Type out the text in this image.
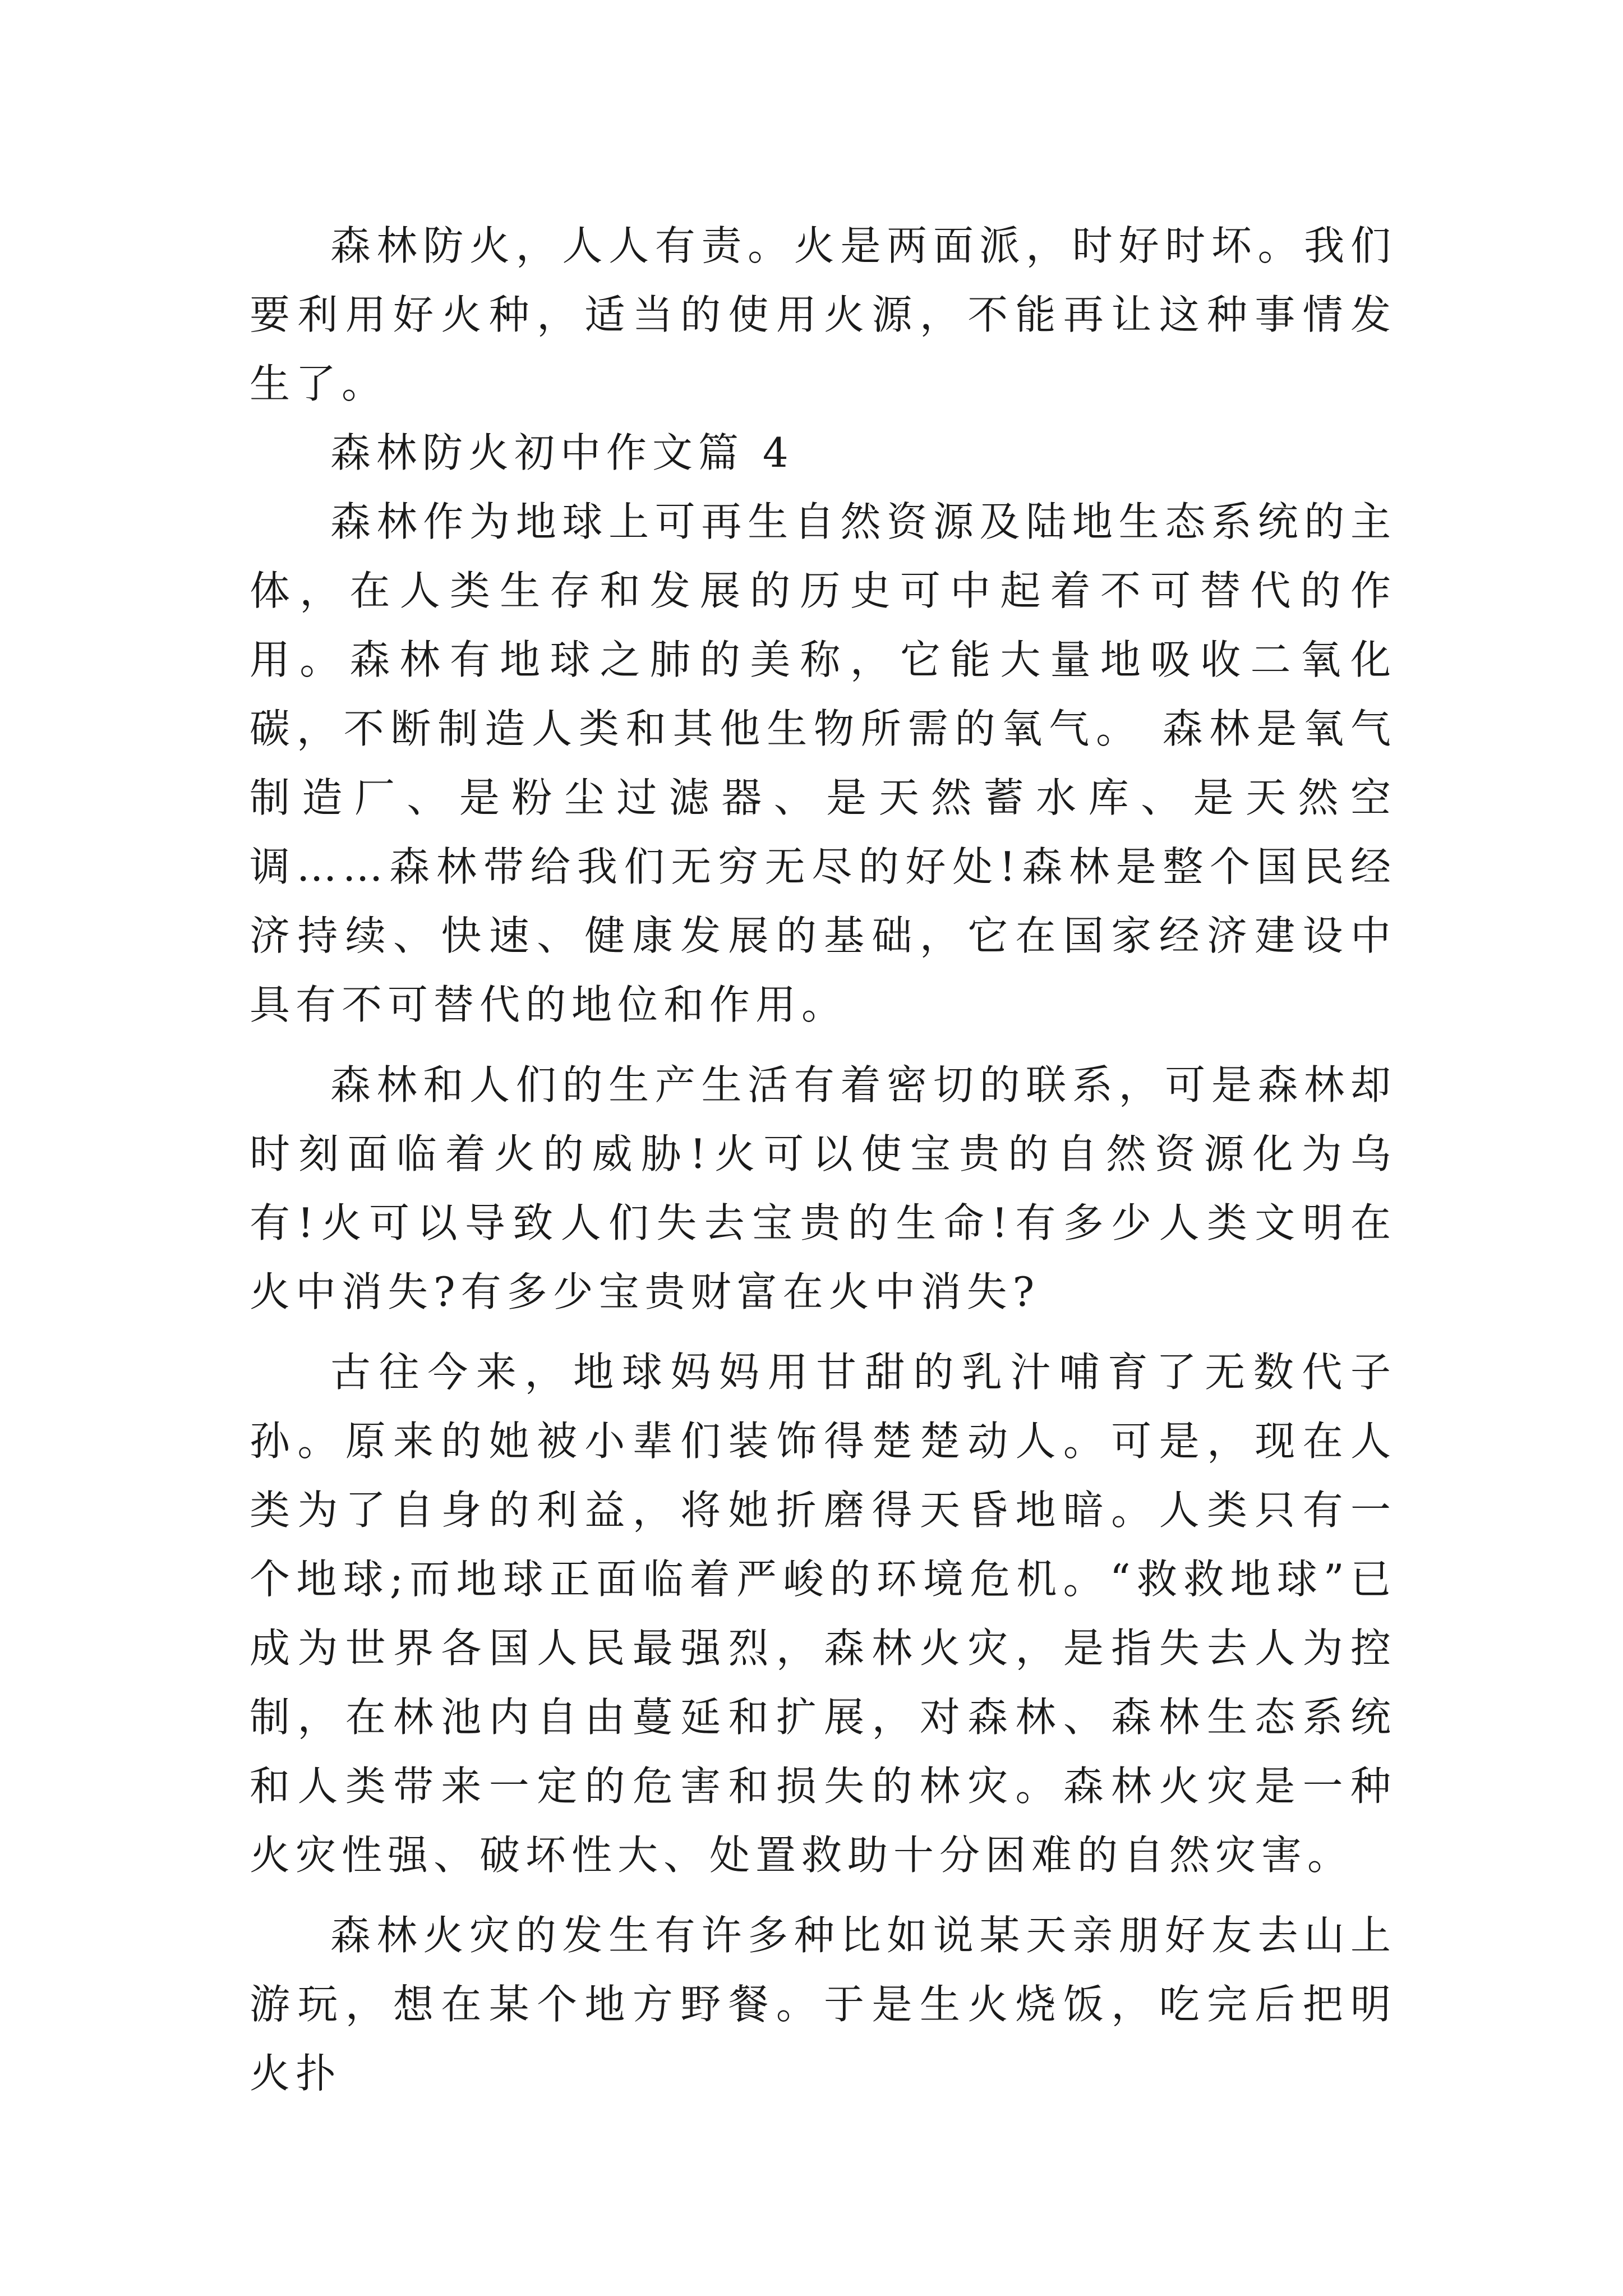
森林防火，人人有责。火是两面派，时好时坏。我们要利用好火种，适当的使用火源，不能再让这种事情发生了。

森林防火初中作文篇 4

森林作为地球上可再生自然资源及陆地生态系统的主体，在人类生存和发展的历史可中起着不可替代的作用。森林有地球之肺的美称，它能大量地吸收二氧化碳，不断制造人类和其他生物所需的氧气。 森林是氧气制造厂、是粉尘过滤器、是天然蓄水库、是天然空调……森林带给我们无穷无尽的好处!森林是整个国民经济持续、快速、健康发展的基础，它在国家经济建设中具有不可替代的地位和作用。

森林和人们的生产生活有着密切的联系，可是森林却时刻面临着火的威胁!火可以使宝贵的自然资源化为乌有!火可以导致人们失去宝贵的生命!有多少人类文明在火中消失?有多少宝贵财富在火中消失?

古往今来，地球妈妈用甘甜的乳汁哺育了无数代子孙。原来的她被小辈们装饰得楚楚动人。可是，现在人类为了自身的利益，将她折磨得天昏地暗。人类只有一个地球;而地球正面临着严峻的环境危机。“救救地球”已成为世界各国人民最强烈，森林火灾，是指失去人为控制，在林池内自由蔓延和扩展，对森林、森林生态系统和人类带来一定的危害和损失的林灾。森林火灾是一种火灾性强、破坏性大、处置救助十分困难的自然灾害。

森林火灾的发生有许多种比如说某天亲朋好友去山上游玩，想在某个地方野餐。于是生火烧饭，吃完后把明火扑
